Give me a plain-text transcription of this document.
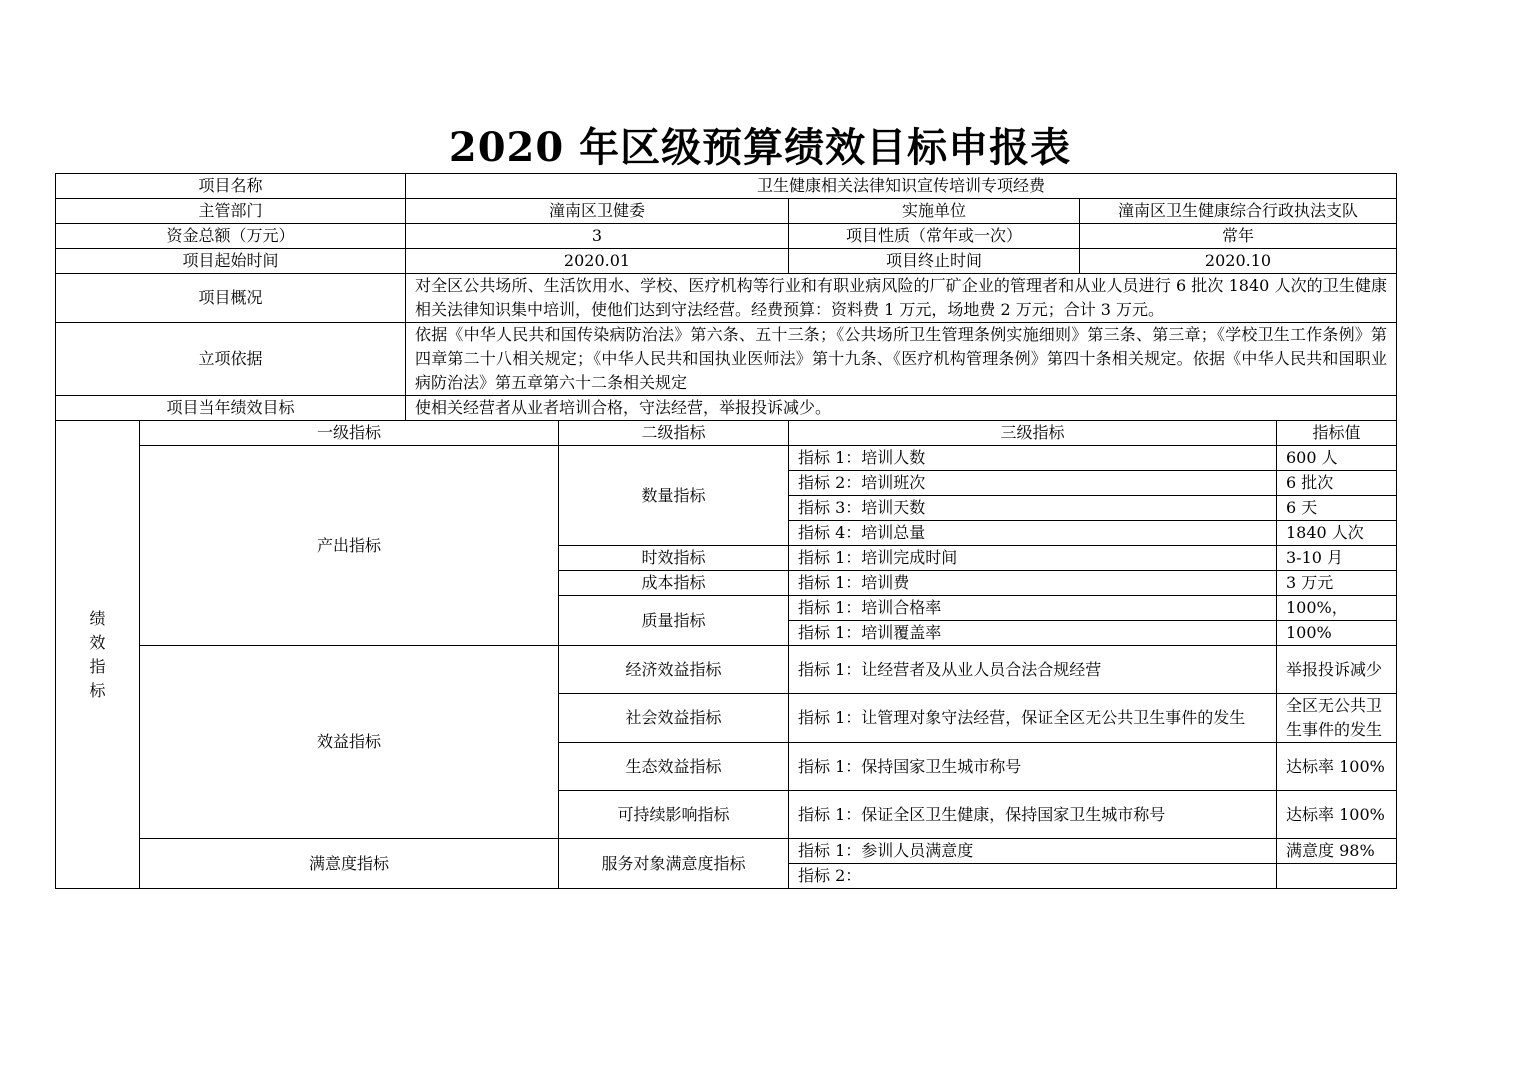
2020 年区级预算绩效目标申报表
项目名称		卫生健康相关法律知识宣传培训专项经费				
主管部门		潼南区卫健委		实施单位	潼南区卫生健康综合行政执法支队	
资金总额（万元）		3		项目性质（常年或一次）	常年	
项目起始时间		2020.01		项目终止时间	2020.10	
项目概况		对全区公共场所、生活饮用水、学校、医疗机构等行业和有职业病风险的厂矿企业的管理者和从业人员进行 6 批次 1840 人次的卫生健康相关法律知识集中培训，使他们达到守法经营。经费预算：资料费 1 万元，场地费 2 万元；合计 3 万元。				
立项依据		依据《中华人民共和国传染病防治法》第六条、五十三条；《公共场所卫生管理条例实施细则》第三条、第三章；《学校卫生工作条例》第四章第二十八相关规定；《中华人民共和国执业医师法》第十九条、《医疗机构管理条例》第四十条相关规定。依据《中华人民共和国职业病防治法》第五章第六十二条相关规定				
项目当年绩效目标		使相关经营者从业者培训合格，守法经营，举报投诉减少。				
绩效指标	一级指标		二级指标	三级指标		指标值
	产出指标		数量指标	指标 1：培训人数		600 人
				指标 2：培训班次		6 批次
				指标 3：培训天数		6 天
				指标 4：培训总量		1840 人次
			时效指标	指标 1：培训完成时间		3-10 月
			成本指标	指标 1：培训费		3 万元
			质量指标	指标 1：培训合格率		100%，
				指标 1：培训覆盖率		100%
	效益指标		经济效益指标	指标 1：让经营者及从业人员合法合规经营		举报投诉减少

			社会效益指标	指标 1：让管理对象守法经营，保证全区无公共卫生事件的发生		全区无公共卫生事件的发生

			生态效益指标	指标 1：保持国家卫生城市称号		达标率 100%

			可持续影响指标	指标 1：保证全区卫生健康，保持国家卫生城市称号		达标率 100%

	满意度指标		服务对象满意度指标	指标 1：参训人员满意度		满意度 98%
				指标 2：		
